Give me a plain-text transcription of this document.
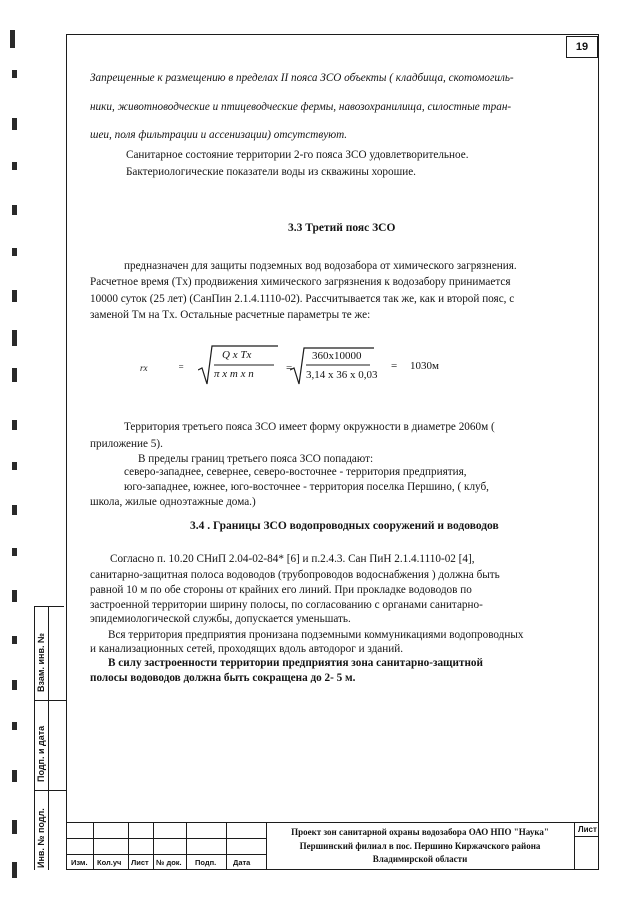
19
Взам. инв. №
Подп. и дата
Инв. № подл.
Запрещенные к размещению в пределах II пояса ЗСО объекты ( кладбища, скотомогиль-
ники, животноводческие и птицеводческие фермы, навозохранилища, силостные тран-
шеи, поля фильтрации и ассенизации) отсутствуют.
Санитарное состояние территории 2-го пояса ЗСО удовлетворительное.
Бактериологические показатели воды из скважины хорошие.
3.3 Третий пояс ЗСО
предназначен для защиты подземных вод водозабора от химического загрязнения.
Расчетное время (Tх) продвижения химического загрязнения к водозабору принимается
10000 суток (25 лет) (СанПин 2.1.4.1110-02). Рассчитывается так же, как и второй пояс, с
заменой Tм на Tх. Остальные расчетные параметры те же:
rх	=
Q x Tх
π x m x n	=
360x10000
3,14 x 36 x 0,03
= 1030м
Территория третьего пояса ЗСО имеет форму окружности в диаметре 2060м (
приложение 5).
В пределы границ третьего пояса ЗСО попадают:
северо-западнее, севернее, северо-восточнее - территория предприятия,
юго-западнее, южнее, юго-восточнее - территория поселка Першино, ( клуб,
школа, жилые одноэтажные дома.)
3.4 . Границы ЗСО водопроводных сооружений и водоводов
Согласно п. 10.20 СНиП 2.04-02-84* [6] и п.2.4.3. Сан ПиН 2.1.4.1110-02 [4],
санитарно-защитная полоса водоводов (трубопроводов водоснабжения ) должна быть
равной 10 м по обе стороны от крайних его линий. При прокладке водоводов по
застроенной территории ширину полосы, по согласованию с органами санитарно-
эпидемиологической службы, допускается уменьшать.
Вся территория предприятия пронизана подземными коммуникациями водопроводных
и канализационных сетей, проходящих вдоль автодорог и зданий.
В силу застроенности территории предприятия зона санитарно-защитной
полосы водоводов должна быть сокращена до 2- 5 м.
Изм. Кол.уч Лист № док. Подп. Дата
Проект зон санитарной охраны водозабора ОАО НПО "Наука"
Першинский филиал в пос. Першино Киржачского района
Владимирской области
Лист
